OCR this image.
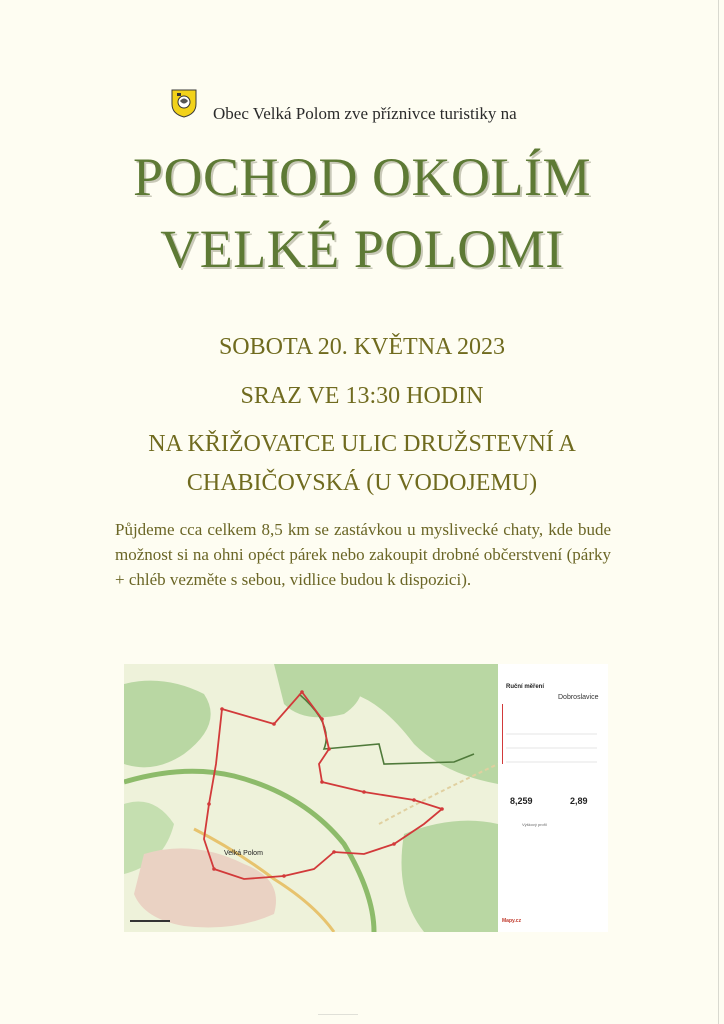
Obec Velká Polom zve příznivce turistiky na
POCHOD OKOLÍM
VELKÉ POLOMI
SOBOTA 20. KVĚTNA 2023
SRAZ VE 13:30 HODIN
NA KŘIŽOVATCE ULIC DRUŽSTEVNÍ A
CHABIČOVSKÁ (U VODOJEMU)
Půjdeme cca celkem 8,5 km se zastávkou u myslivecké chaty, kde bude možnost si na ohni opéct párek nebo zakoupit drobné občerstvení (párky + chléb vezměte s sebou, vidlice budou k dispozici).
Velká Polom
Ruční měření
Dobroslavice
8,259	2,89
Výškový profil
Mapy.cz
